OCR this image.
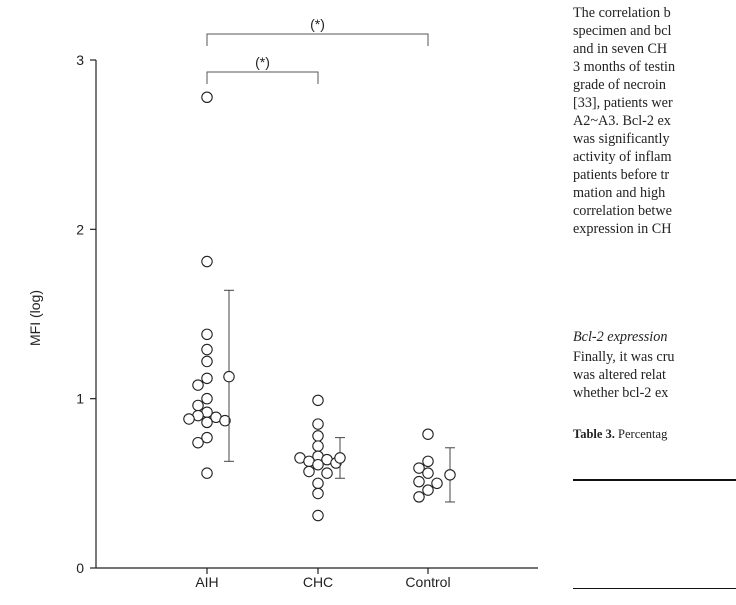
0
1
2
3
AIH	CHC	Control
(*)
(*)
MFI (log)
The correlation b
specimen and bcl
and in seven CH
3 months of testin
grade of necroin
[33], patients wer
A2~A3. Bcl-2 ex
was significantly
activity of inflam
patients before tr
mation and high
correlation betwe
expression in CH
Bcl-2 expression
Finally, it was cru
was altered relat
whether bcl-2 ex
Table 3. Percentag
